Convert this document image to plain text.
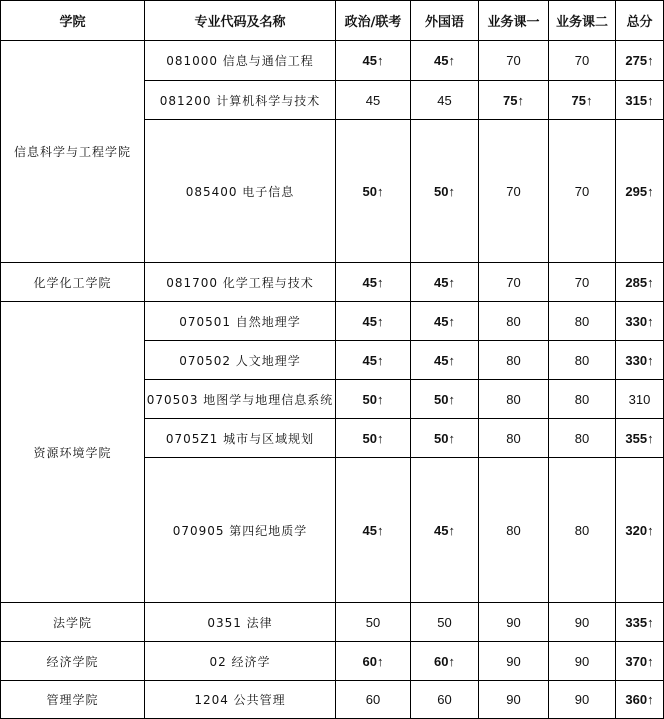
学院	专业代码及名称	政治/联考	外国语	业务课一	业务课二	总分
信息科学与工程学院	081000 信息与通信工程	45↑	45↑	70	70	275↑
	081200 计算机科学与技术	45	45	75↑	75↑	315↑
	085400 电子信息	50↑	50↑	70	70	295↑
化学化工学院	081700 化学工程与技术	45↑	45↑	70	70	285↑
资源环境学院	070501 自然地理学	45↑	45↑	80	80	330↑
	070502 人文地理学	45↑	45↑	80	80	330↑
	070503 地图学与地理信息系统	50↑	50↑	80	80	310
	0705Z1 城市与区域规划	50↑	50↑	80	80	355↑
	070905 第四纪地质学	45↑	45↑	80	80	320↑
法学院	0351 法律	50	50	90	90	335↑
经济学院	02 经济学	60↑	60↑	90	90	370↑
管理学院	1204 公共管理	60	60	90	90	360↑
